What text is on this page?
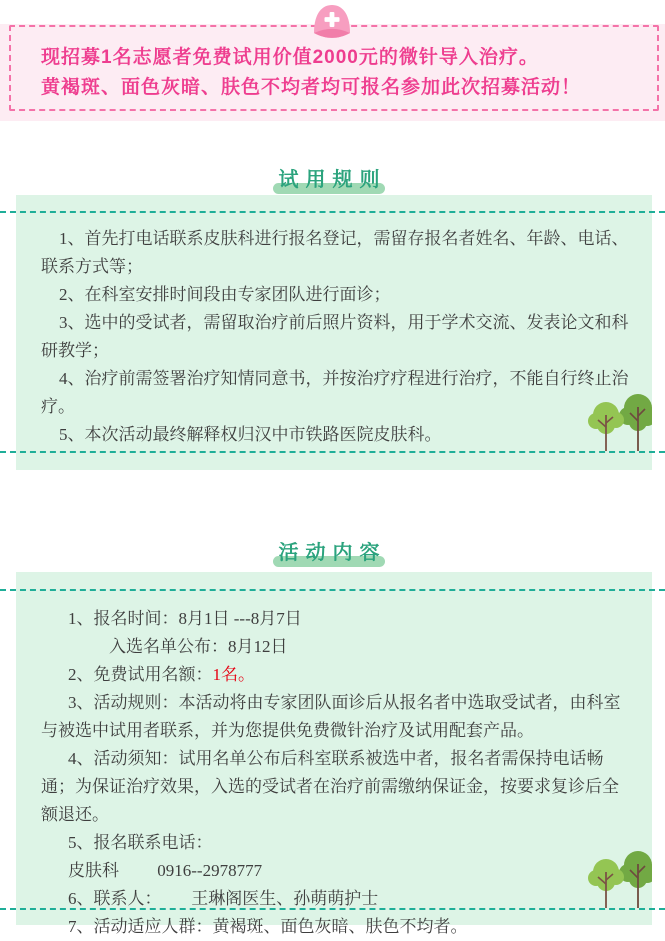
现招募1名志愿者免费试用价值2000元的微针导入治疗。
黄褐斑、面色灰暗、肤色不均者均可报名参加此次招募活动！
试用规则

1、首先打电话联系皮肤科进行报名登记，需留存报名者姓名、年龄、电话、联系方式等；

2、在科室安排时间段由专家团队进行面诊；

3、选中的受试者，需留取治疗前后照片资料，用于学术交流、发表论文和科研教学；

4、治疗前需签署治疗知情同意书，并按治疗疗程进行治疗，不能自行终止治疗。

5、本次活动最终解释权归汉中市铁路医院皮肤科。

活动内容

1、报名时间：8月1日 ---8月7日

入选名单公布：8月12日

2、免费试用名额：1名。

3、活动规则：本活动将由专家团队面诊后从报名者中选取受试者，由科室与被选中试用者联系，并为您提供免费微针治疗及试用配套产品。

4、活动须知：试用名单公布后科室联系被选中者，报名者需保持电话畅通；为保证治疗效果，入选的受试者在治疗前需缴纳保证金，按要求复诊后全额退还。

5、报名联系电话：

皮肤科　　 0916--2978777

6、联系人：　　 王琳阁医生、孙萌萌护士

7、活动适应人群：黄褐斑、面色灰暗、肤色不均者。
